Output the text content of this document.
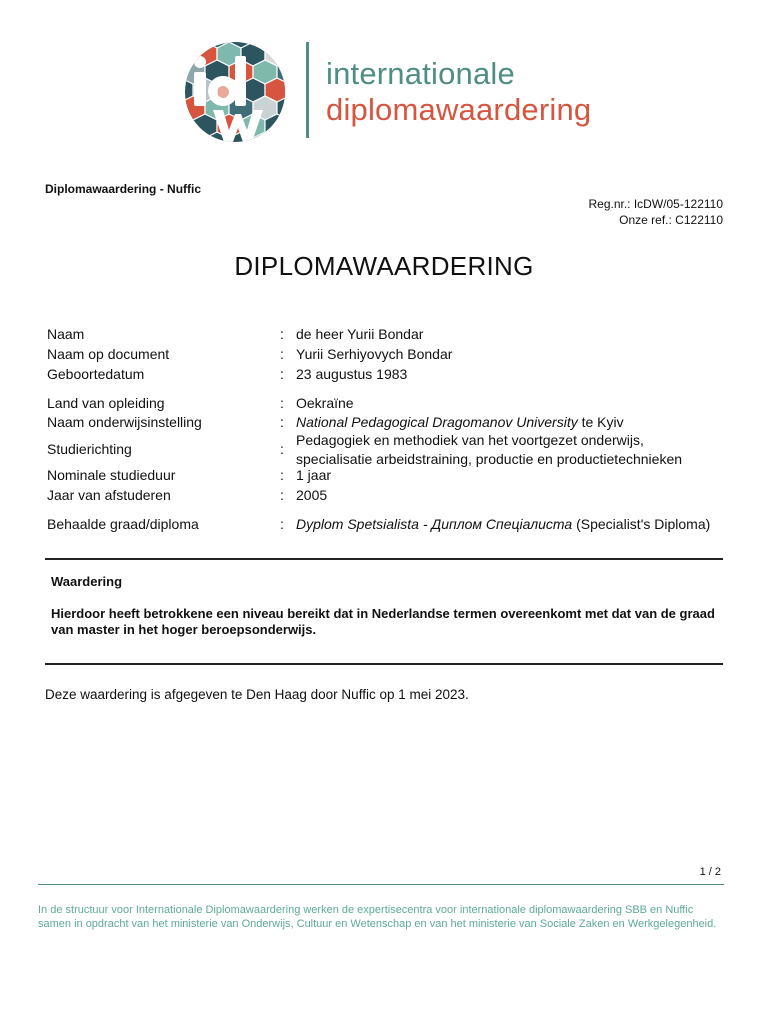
internationale
diplomawaardering
Diplomawaardering - Nuffic
Reg.nr.: IcDW/05-122110
Onze ref.: C122110
DIPLOMAWAARDERING
Naam	: de heer Yurii Bondar
Naam op document	: Yurii Serhiyovych Bondar
Geboortedatum	: 23 augustus 1983
Land van opleiding	: Oekraïne
Naam onderwijsinstelling	: National Pedagogical Dragomanov University te Kyiv
Studierichting	:
Pedagogiek en methodiek van het voortgezet onderwijs,
specialisatie arbeidstraining, productie en productietechnieken
Nominale studieduur	: 1 jaar
Jaar van afstuderen	: 2005
Behaalde graad/diploma	: Dyplom Spetsialista - Диплом Спеціалиста (Specialist's Diploma)
Waardering
Hierdoor heeft betrokkene een niveau bereikt dat in Nederlandse termen overeenkomt met dat van de graad van master in het hoger beroepsonderwijs.
Deze waardering is afgegeven te Den Haag door Nuffic op 1 mei 2023.
1 / 2
In de structuur voor Internationale Diplomawaardering werken de expertisecentra voor internationale diplomawaardering SBB en Nuffic samen in opdracht van het ministerie van Onderwijs, Cultuur en Wetenschap en van het ministerie van Sociale Zaken en Werkgelegenheid.
